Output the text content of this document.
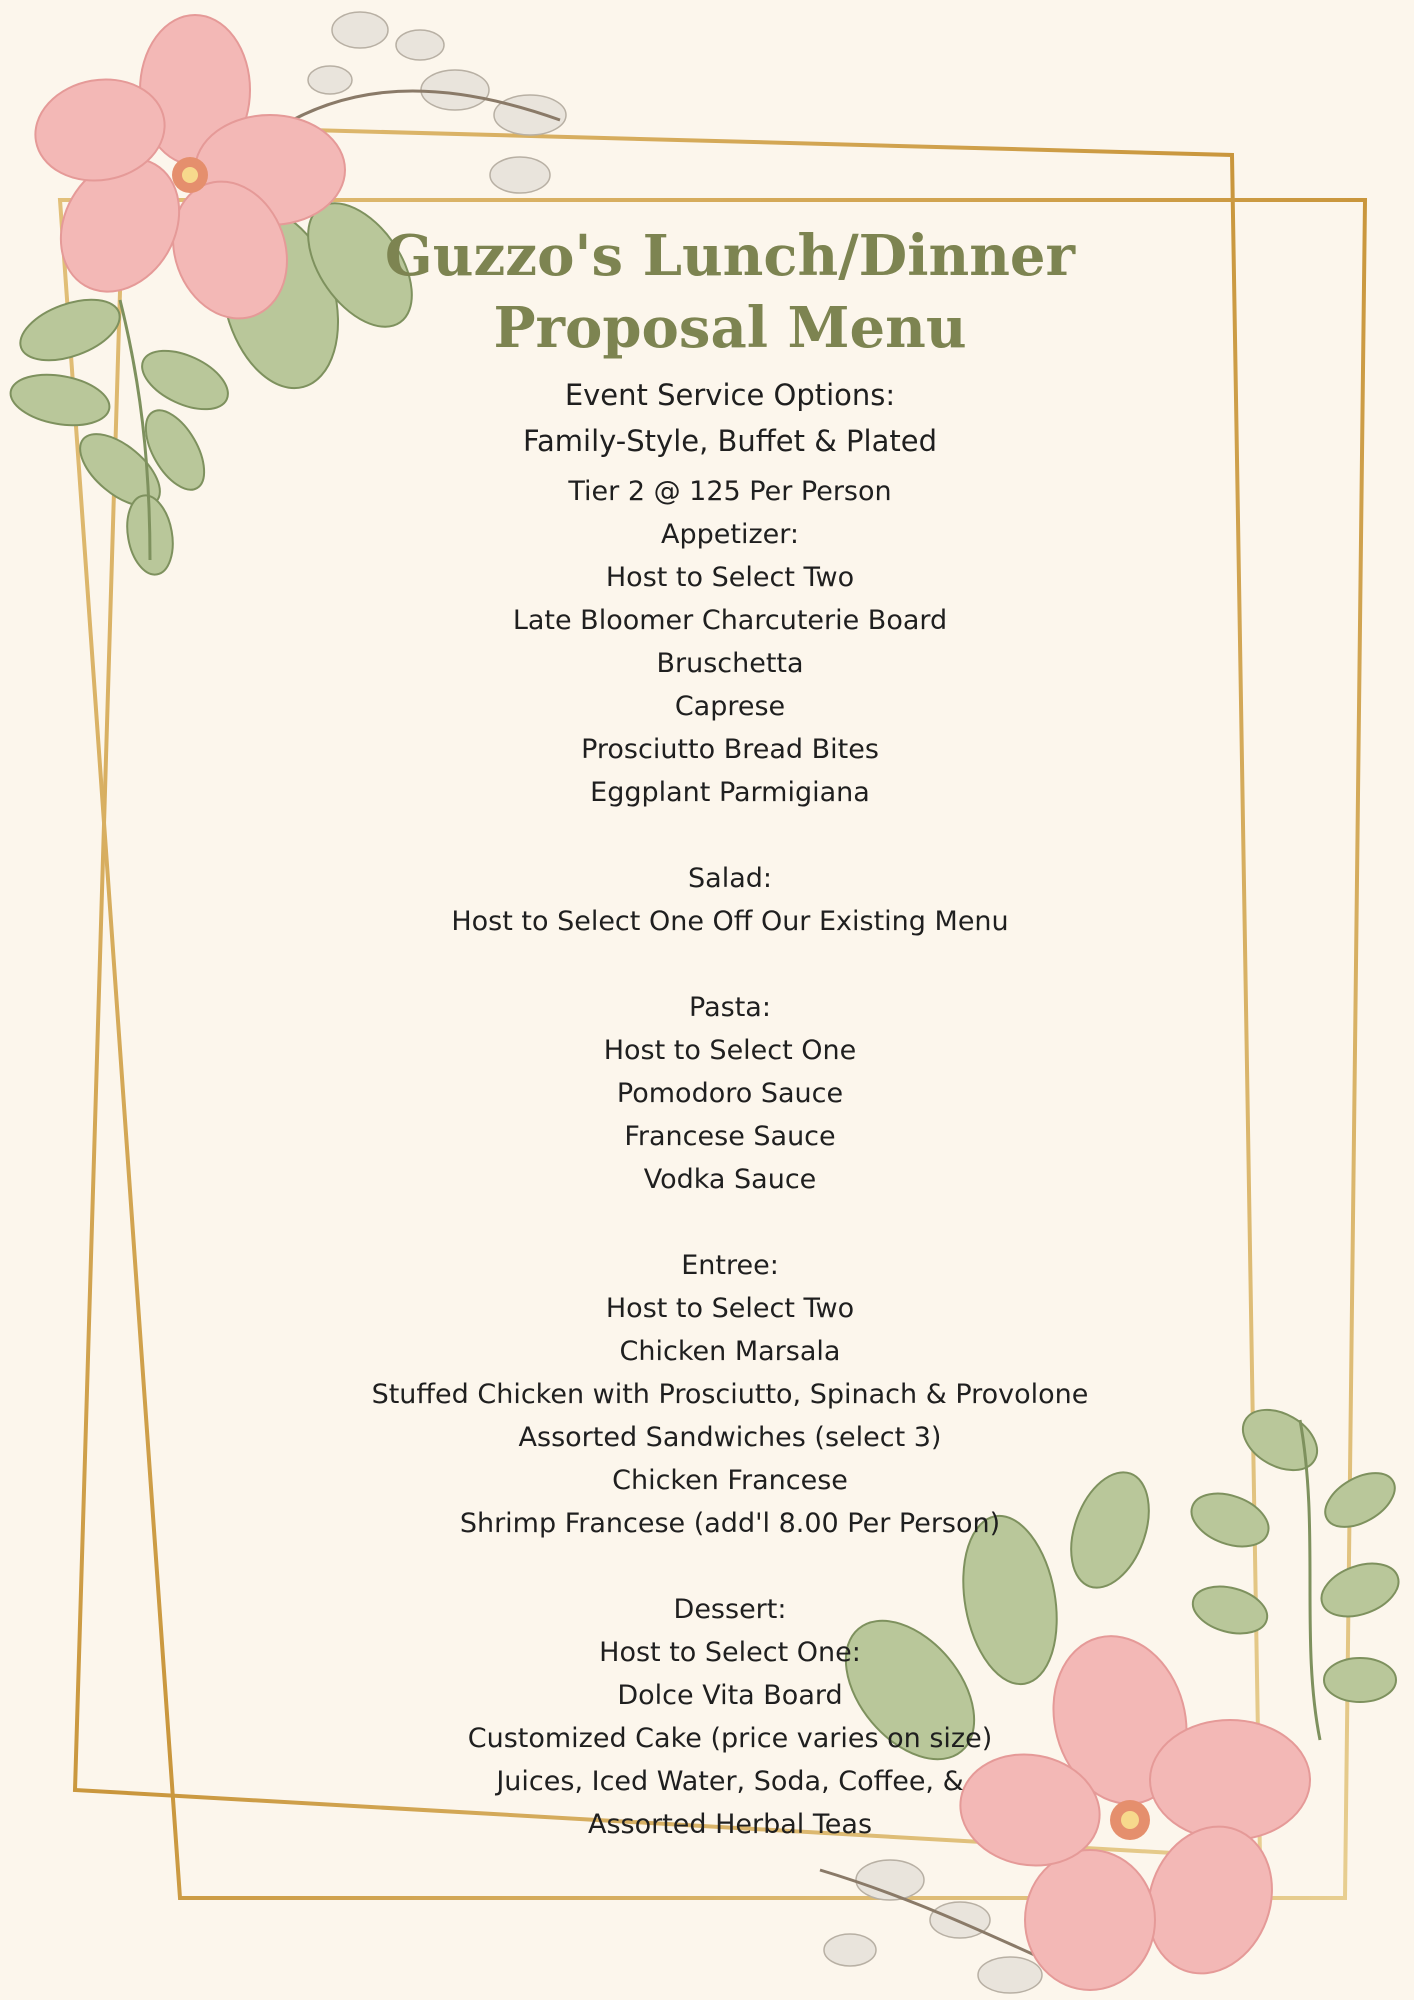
Guzzo's Lunch/Dinner
Proposal Menu
Event Service Options:
Family-Style, Buffet & Plated
Tier 2 @ 125 Per Person
Appetizer:
Host to Select Two
Late Bloomer Charcuterie Board
Bruschetta
Caprese
Prosciutto Bread Bites
Eggplant Parmigiana
Salad:
Host to Select One Off Our Existing Menu
Pasta:
Host to Select One
Pomodoro Sauce
Francese Sauce
Vodka Sauce
Entree:
Host to Select Two
Chicken Marsala
Stuffed Chicken with Prosciutto, Spinach & Provolone
Assorted Sandwiches (select 3)
Chicken Francese
Shrimp Francese (add'l 8.00 Per Person)
Dessert:
Host to Select One:
Dolce Vita Board
Customized Cake (price varies on size)
Juices, Iced Water, Soda, Coffee, &
Assorted Herbal Teas
